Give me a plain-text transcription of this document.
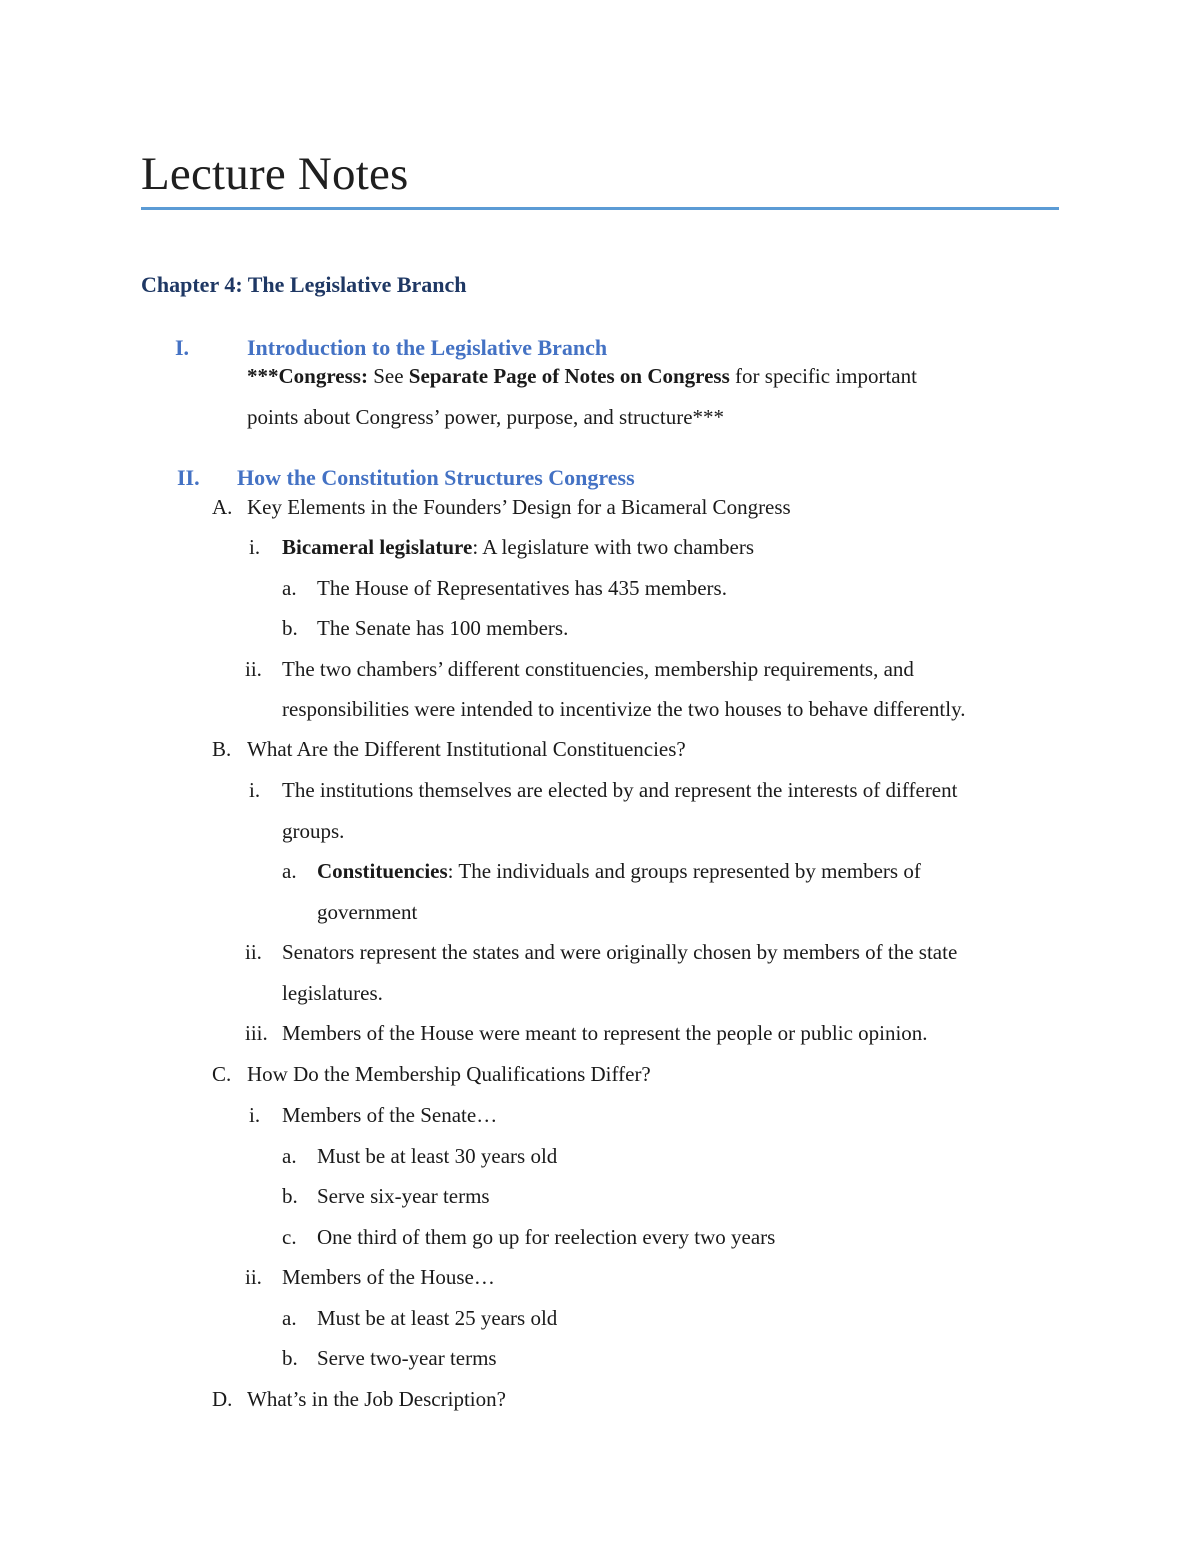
Lecture Notes
Chapter 4: The Legislative Branch
I.	Introduction to the Legislative Branch
***Congress: See Separate Page of Notes on Congress for specific important
points about Congress’ power, purpose, and structure***
II. How the Constitution Structures Congress
A. Key Elements in the Founders’ Design for a Bicameral Congress
i. Bicameral legislature: A legislature with two chambers
a. The House of Representatives has 435 members.
b. The Senate has 100 members.
ii. The two chambers’ different constituencies, membership requirements, and
responsibilities were intended to incentivize the two houses to behave differently.
B. What Are the Different Institutional Constituencies?
i. The institutions themselves are elected by and represent the interests of different
groups.
a. Constituencies: The individuals and groups represented by members of
government
ii. Senators represent the states and were originally chosen by members of the state
legislatures.
iii. Members of the House were meant to represent the people or public opinion.
C. How Do the Membership Qualifications Differ?
i. Members of the Senate…
a. Must be at least 30 years old
b. Serve six-year terms
c. One third of them go up for reelection every two years
ii. Members of the House…
a. Must be at least 25 years old
b. Serve two-year terms
D. What’s in the Job Description?
